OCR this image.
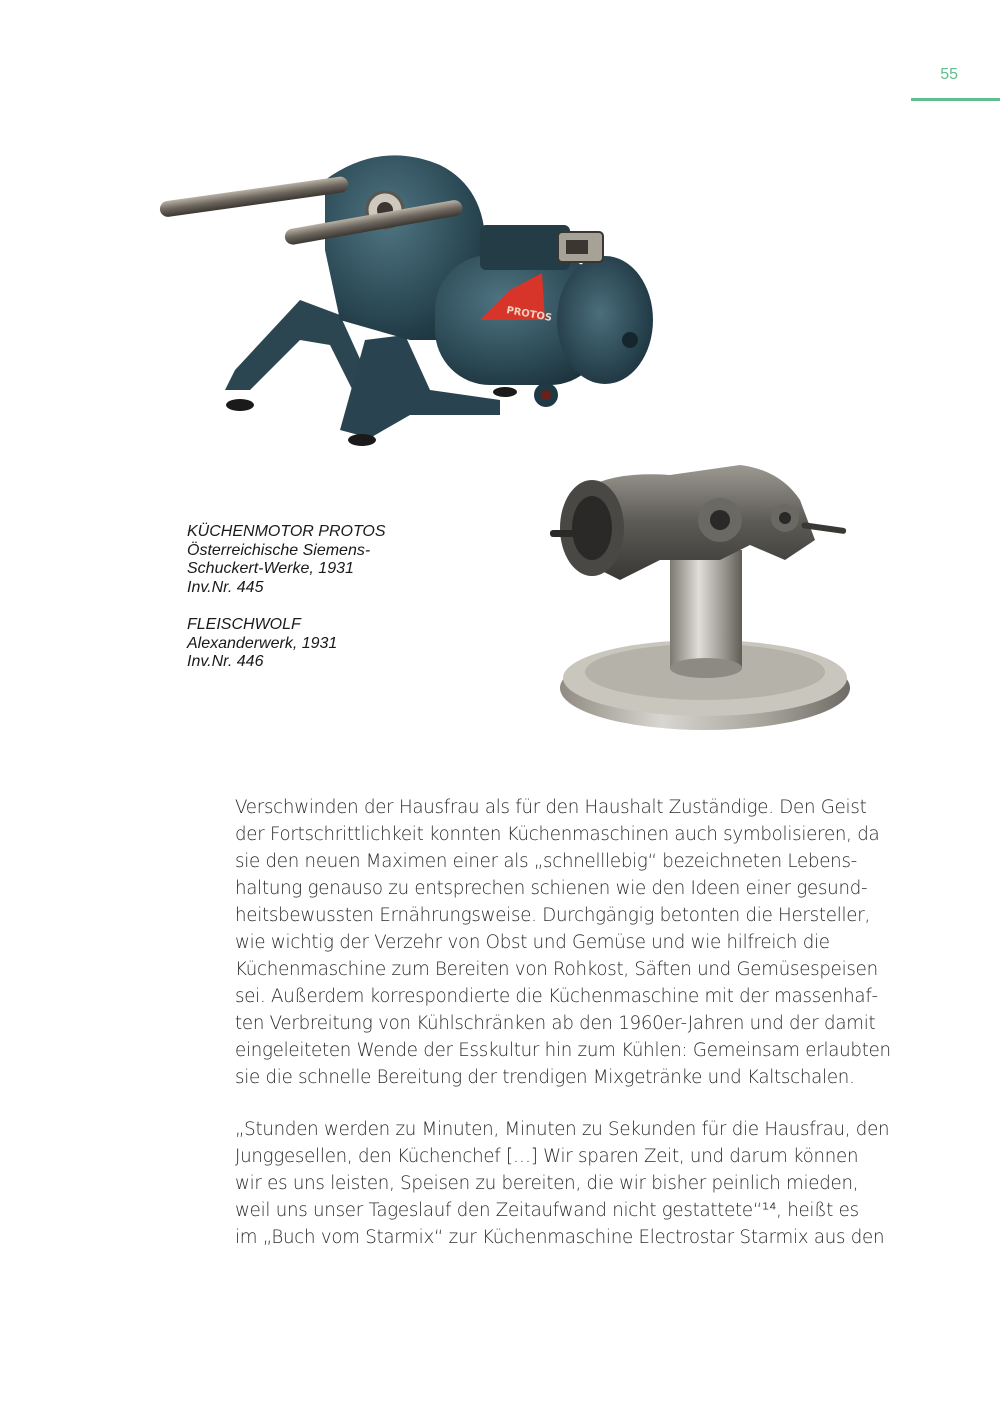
55
PROTOS
KÜCHENMOTOR PROTOS
Österreichische Siemens-
Schuckert-Werke, 1931
Inv.Nr. 445
FLEISCHWOLF
Alexanderwerk, 1931
Inv.Nr. 446
Verschwinden der Hausfrau als für den Haushalt Zuständige. Den Geist
der Fortschrittlichkeit konnten Küchenmaschinen auch symbolisieren, da
sie den neuen Maximen einer als „schnelllebig“ bezeichneten Lebens-
haltung genauso zu entsprechen schienen wie den Ideen einer gesund-
heitsbewussten Ernährungsweise. Durchgängig betonten die Hersteller,
wie wichtig der Verzehr von Obst und Gemüse und wie hilfreich die
Küchenmaschine zum Bereiten von Rohkost, Säften und Gemüsespeisen
sei. Außerdem korrespondierte die Küchenmaschine mit der massenhaf-
ten Verbreitung von Kühlschränken ab den 1960er-Jahren und der damit
eingeleiteten Wende der Esskultur hin zum Kühlen: Gemeinsam erlaubten
sie die schnelle Bereitung der trendigen Mixgetränke und Kaltschalen.
„Stunden werden zu Minuten, Minuten zu Sekunden für die Hausfrau, den
Junggesellen, den Küchenchef […] Wir sparen Zeit, und darum können
wir es uns leisten, Speisen zu bereiten, die wir bisher peinlich mieden,
weil uns unser Tageslauf den Zeitaufwand nicht gestattete“¹⁴, heißt es
im „Buch vom Starmix“ zur Küchenmaschine Electrostar Starmix aus den
